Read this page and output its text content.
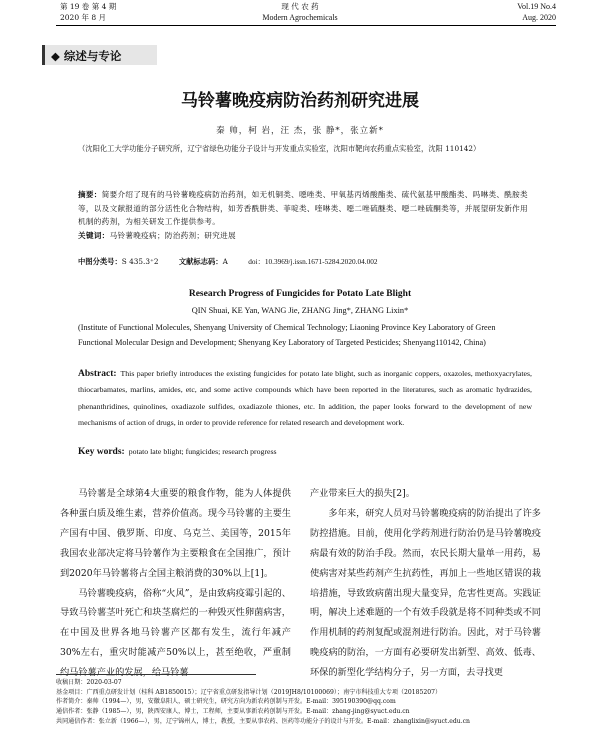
第 19 卷 第 4 期
2020 年 8 月
现 代 农 药
Modern Agrochemicals
Vol.19 No.4
Aug. 2020
◆ 综述与专论
马铃薯晚疫病防治药剂研究进展
秦 帅，柯 岩，汪 杰，张 静*，张立新*
（沈阳化工大学功能分子研究所，辽宁省绿色功能分子设计与开发重点实验室，沈阳市靶向农药重点实验室，沈阳 110142）
摘要：简要介绍了现有的马铃薯晚疫病防治药剂，如无机铜类、噁唑类、甲氧基丙烯酸酯类、硫代氨基甲酸酯类、吗啉类、酰胺类等，以及文献报道的部分活性化合物结构，如芳香酰肼类、菲啶类、喹啉类、噁二唑硫醚类、噁二唑硫酮类等，并展望研发新作用机制的药剂，为相关研发工作提供参考。
关键词：马铃薯晚疫病；防治药剂；研究进展
中图分类号：S 435.3⁺2	文献标志码：A	doi：10.3969/j.issn.1671-5284.2020.04.002
Research Progress of Fungicides for Potato Late Blight
QIN Shuai, KE Yan, WANG Jie, ZHANG Jing*, ZHANG Lixin*
(Institute of Functional Molecules, Shenyang University of Chemical Technology; Liaoning Province Key Laboratory of Green Functional Molecular Design and Development; Shenyang Key Laboratory of Targeted Pesticides; Shenyang110142, China)
Abstract: This paper briefly introduces the existing fungicides for potato late blight, such as inorganic coppers, oxazoles, methoxyacrylates, thiocarbamates, marlins, amides, etc, and some active compounds which have been reported in the literatures, such as aromatic hydrazides, phenanthridines, quinolines, oxadiazole sulfides, oxadiazole thiones, etc. In addition, the paper looks forward to the development of new mechanisms of action of drugs, in order to provide reference for related research and development work.
Key words: potato late blight; fungicides; research progress

马铃薯是全球第4大重要的粮食作物，能为人体提供各种蛋白质及维生素，营养价值高。现今马铃薯的主要生产国有中国、俄罗斯、印度、乌克兰、美国等，2015年我国农业部决定将马铃薯作为主要粮食在全国推广，预计到2020年马铃薯将占全国主粮消费的30%以上[1]。

马铃薯晚疫病，俗称“火风”，是由致病疫霉引起的、导致马铃薯茎叶死亡和块茎腐烂的一种毁灭性卵菌病害，在中国及世界各地马铃薯产区都有发生，流行年减产30%左右，重灾时能减产50%以上，甚至绝收，严重制约马铃薯产业的发展，给马铃薯

产业带来巨大的损失[2]。

多年来，研究人员对马铃薯晚疫病的防治提出了许多防控措施。目前，使用化学药剂进行防治仍是马铃薯晚疫病最有效的防治手段。然而，农民长期大量单一用药，易使病害对某些药剂产生抗药性，再加上一些地区错误的栽培措施，导致致病菌出现大量变异，危害性更高。实践证明，解决上述难题的一个有效手段就是将不同种类或不同作用机制的药剂复配或混剂进行防治。因此，对于马铃薯晚疫病的防治，一方面有必要研发出新型、高效、低毒、环保的新型化学结构分子，另一方面，去寻找更

收稿日期：2020-03-07
基金项目：广西重点研发计划（桂科 AB1850015）；辽宁省重点研发指导计划（2019JH8/10100069）；南宁市科技重大专项（20185207）
作者简介：秦帅（1994—），男，安徽阜阳人，硕士研究生，研究方向为新农药创制与开发。E-mail：395190390@qq.com
通信作者：张静（1985—），男，陕西安康人，博士，工程师，主要从事新农药创制与开发。E-mail：zhang-jing@syuct.edu.cn
共同通信作者：张立新（1966—），男，辽宁锦州人，博士，教授，主要从事农药、医药等功能分子的设计与开发。E-mail：zhanglixin@syuct.edu.cn
